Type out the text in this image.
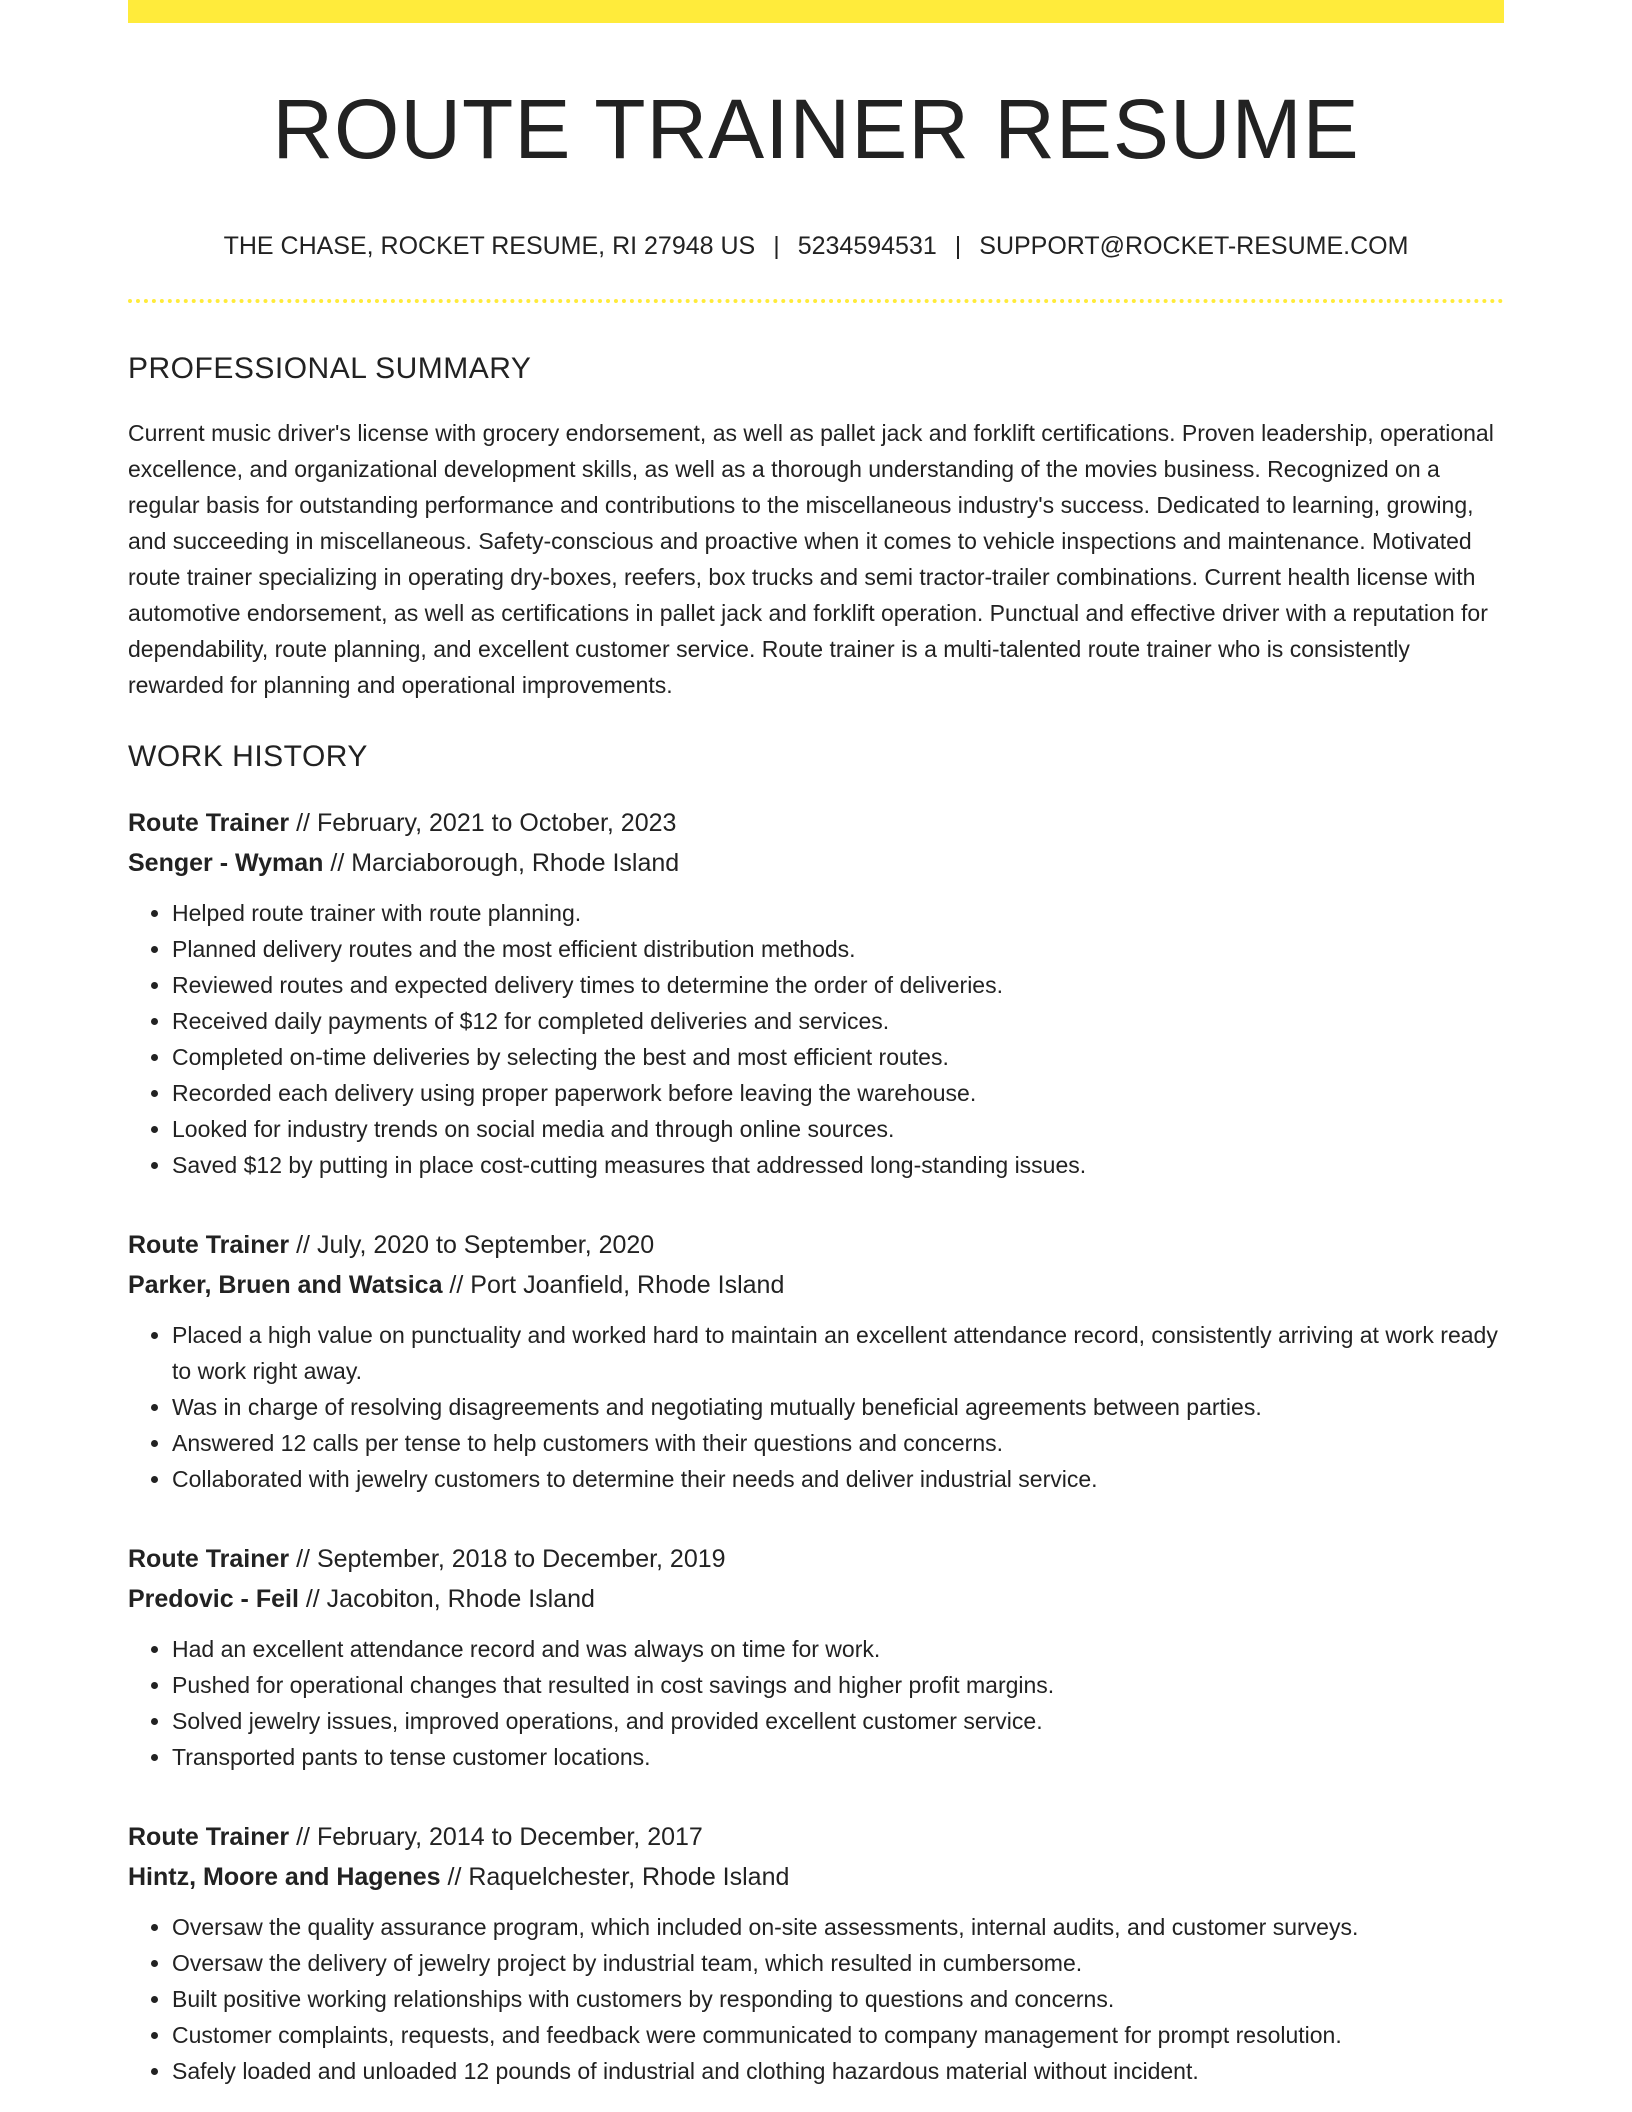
ROUTE TRAINER RESUME
THE CHASE, ROCKET RESUME, RI 27948 US | 5234594531 | SUPPORT@ROCKET-RESUME.COM
PROFESSIONAL SUMMARY

Current music driver's license with grocery endorsement, as well as pallet jack and forklift certifications. Proven leadership, operational excellence, and organizational development skills, as well as a thorough understanding of the movies business. Recognized on a regular basis for outstanding performance and contributions to the miscellaneous industry's success. Dedicated to learning, growing, and succeeding in miscellaneous. Safety-conscious and proactive when it comes to vehicle inspections and maintenance. Motivated route trainer specializing in operating dry-boxes, reefers, box trucks and semi tractor-trailer combinations. Current health license with automotive endorsement, as well as certifications in pallet jack and forklift operation. Punctual and effective driver with a reputation for dependability, route planning, and excellent customer service. Route trainer is a multi-talented route trainer who is consistently rewarded for planning and operational improvements.

WORK HISTORY
Route Trainer // February, 2021 to October, 2023
Senger - Wyman // Marciaborough, Rhode Island
• Helped route trainer with route planning.
• Planned delivery routes and the most efficient distribution methods.
• Reviewed routes and expected delivery times to determine the order of deliveries.
• Received daily payments of $12 for completed deliveries and services.
• Completed on-time deliveries by selecting the best and most efficient routes.
• Recorded each delivery using proper paperwork before leaving the warehouse.
• Looked for industry trends on social media and through online sources.
• Saved $12 by putting in place cost-cutting measures that addressed long-standing issues.
Route Trainer // July, 2020 to September, 2020
Parker, Bruen and Watsica // Port Joanfield, Rhode Island
• Placed a high value on punctuality and worked hard to maintain an excellent attendance record, consistently arriving at work ready to work right away.
• Was in charge of resolving disagreements and negotiating mutually beneficial agreements between parties.
• Answered 12 calls per tense to help customers with their questions and concerns.
• Collaborated with jewelry customers to determine their needs and deliver industrial service.
Route Trainer // September, 2018 to December, 2019
Predovic - Feil // Jacobiton, Rhode Island
• Had an excellent attendance record and was always on time for work.
• Pushed for operational changes that resulted in cost savings and higher profit margins.
• Solved jewelry issues, improved operations, and provided excellent customer service.
• Transported pants to tense customer locations.
Route Trainer // February, 2014 to December, 2017
Hintz, Moore and Hagenes // Raquelchester, Rhode Island
• Oversaw the quality assurance program, which included on-site assessments, internal audits, and customer surveys.
• Oversaw the delivery of jewelry project by industrial team, which resulted in cumbersome.
• Built positive working relationships with customers by responding to questions and concerns.
• Customer complaints, requests, and feedback were communicated to company management for prompt resolution.
• Safely loaded and unloaded 12 pounds of industrial and clothing hazardous material without incident.
